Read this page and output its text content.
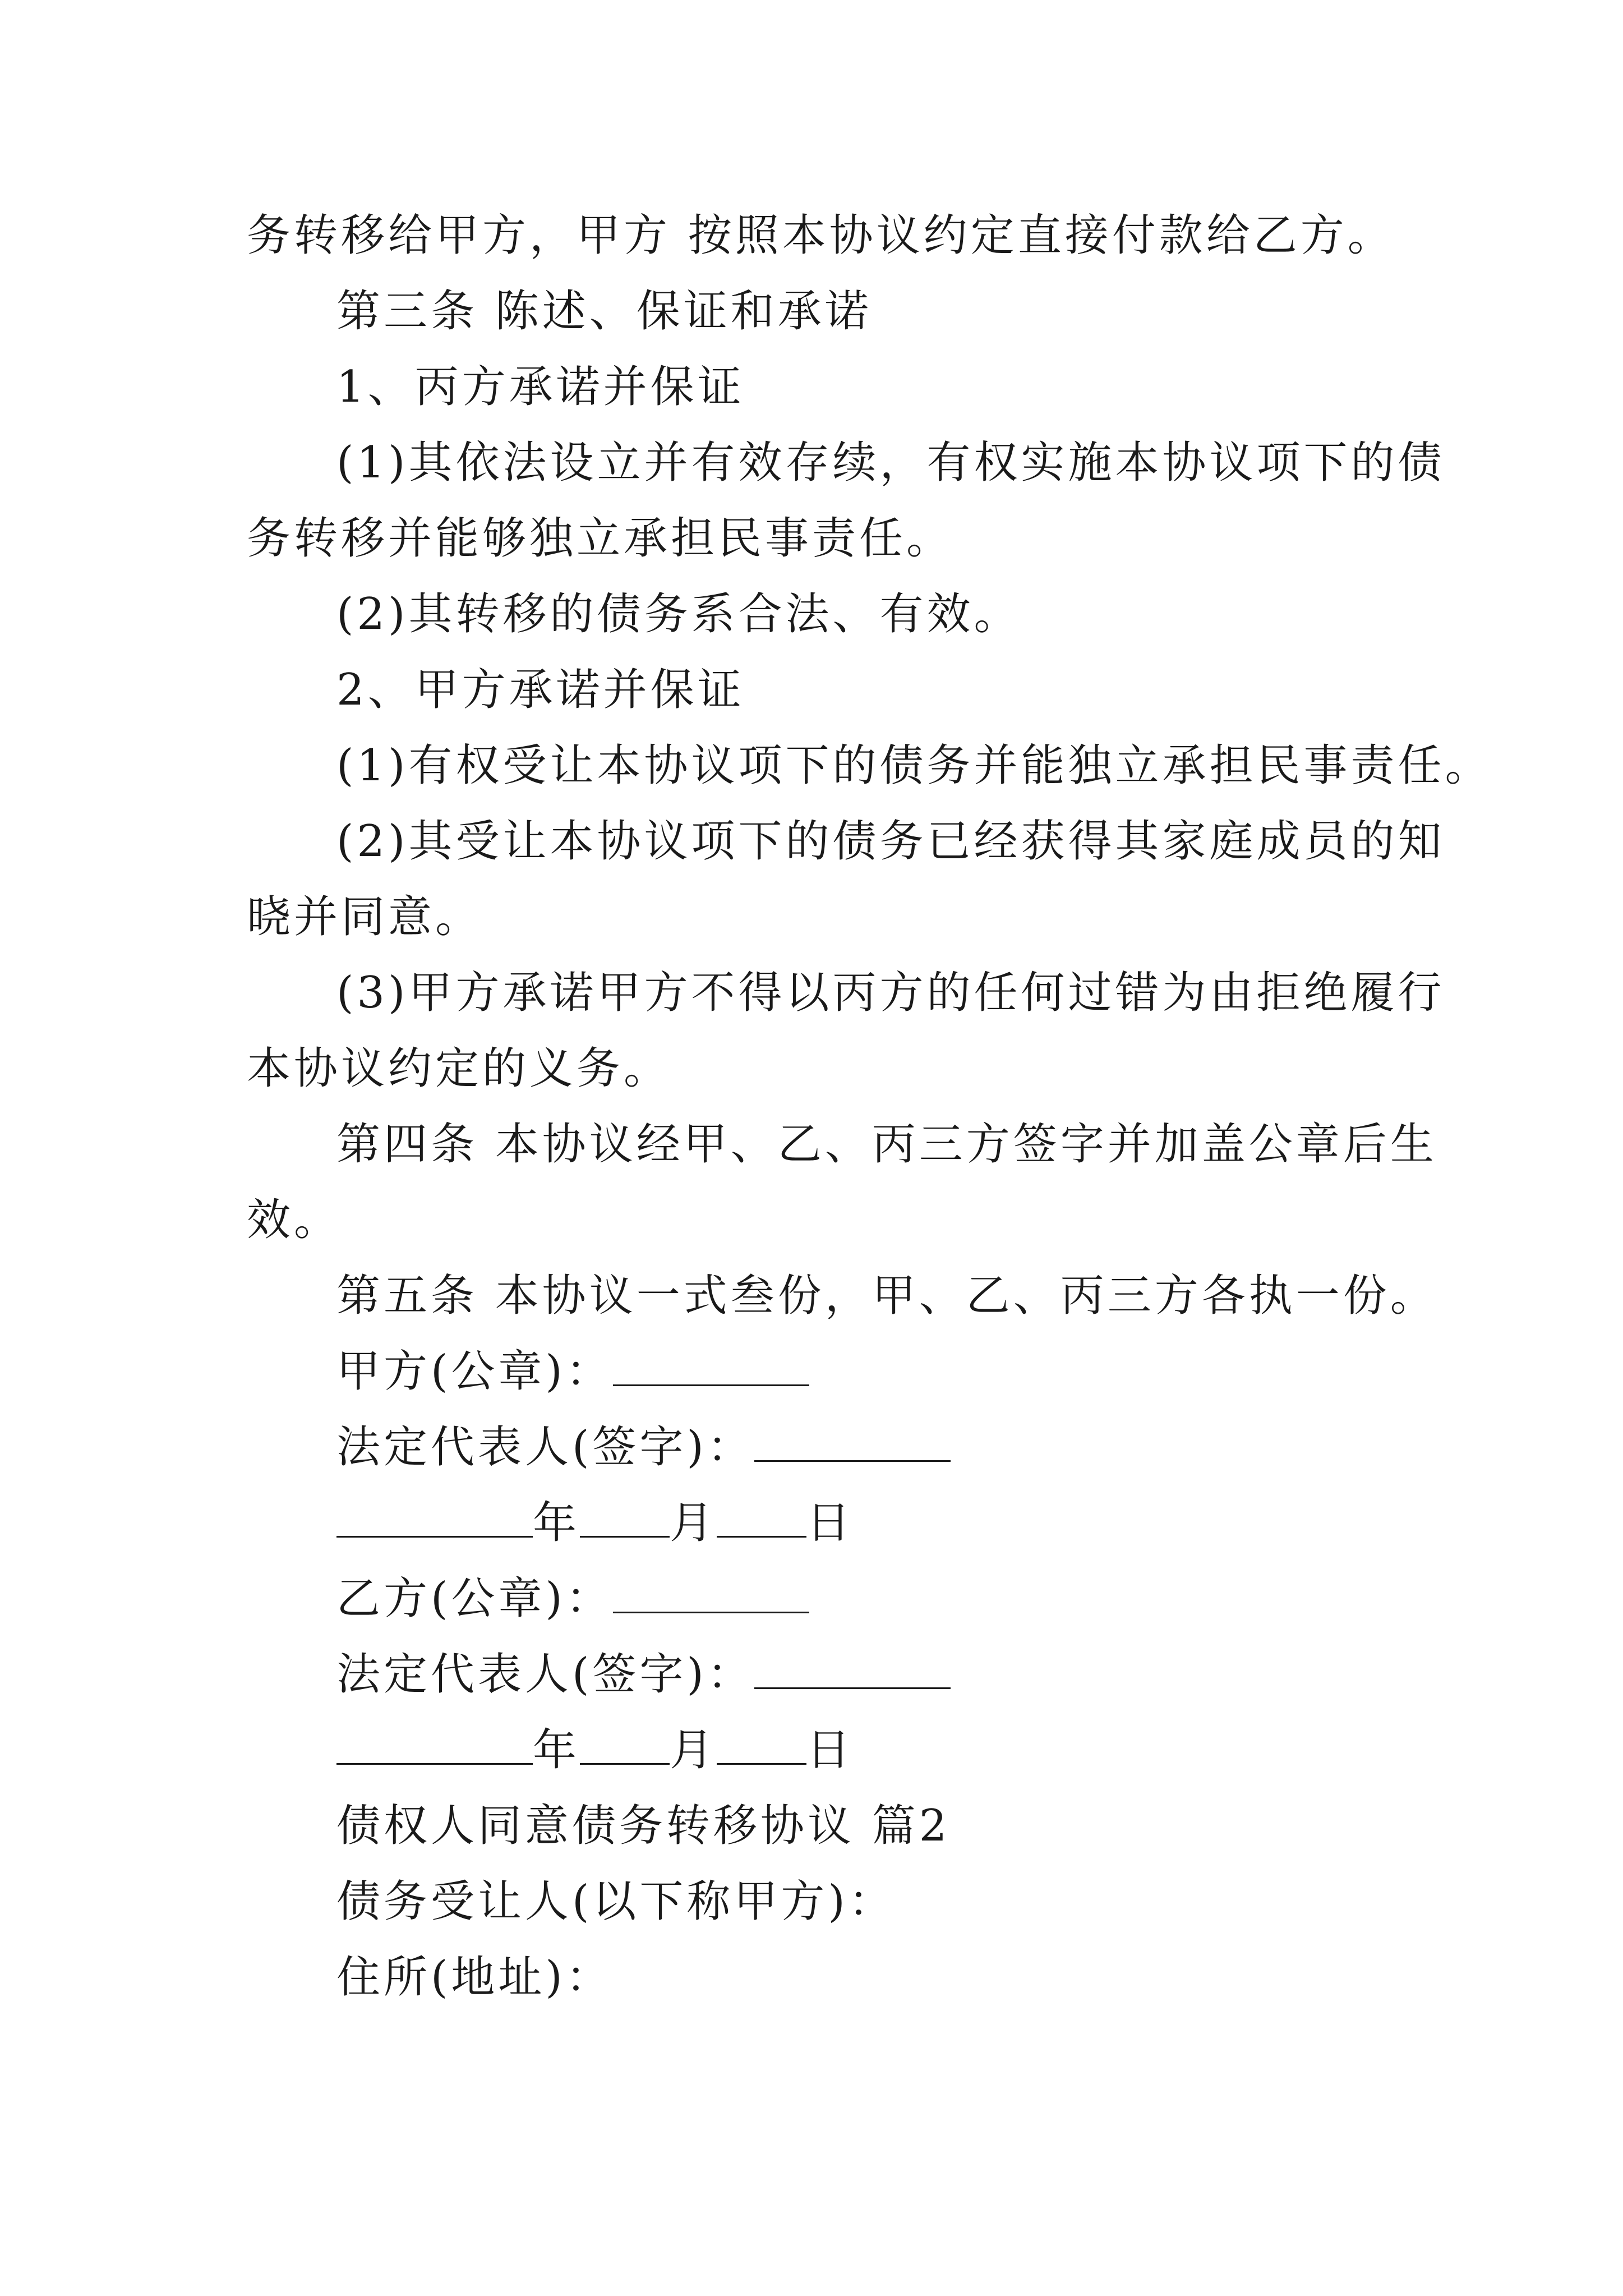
务转移给甲方，甲方 按照本协议约定直接付款给乙方。
第三条 陈述、保证和承诺
1、丙方承诺并保证
(1)其依法设立并有效存续，有权实施本协议项下的债
务转移并能够独立承担民事责任。
(2)其转移的债务系合法、有效。
2、甲方承诺并保证
(1)有权受让本协议项下的债务并能独立承担民事责任。
(2)其受让本协议项下的债务已经获得其家庭成员的知
晓并同意。
(3)甲方承诺甲方不得以丙方的任何过错为由拒绝履行
本协议约定的义务。
第四条 本协议经甲、乙、丙三方签字并加盖公章后生
效。
第五条 本协议一式叁份，甲、乙、丙三方各执一份。
甲方(公章)：
法定代表人(签字)：
年 月 日
乙方(公章)：
法定代表人(签字)：
年 月 日
债权人同意债务转移协议 篇2
债务受让人(以下称甲方)：
住所(地址)：
